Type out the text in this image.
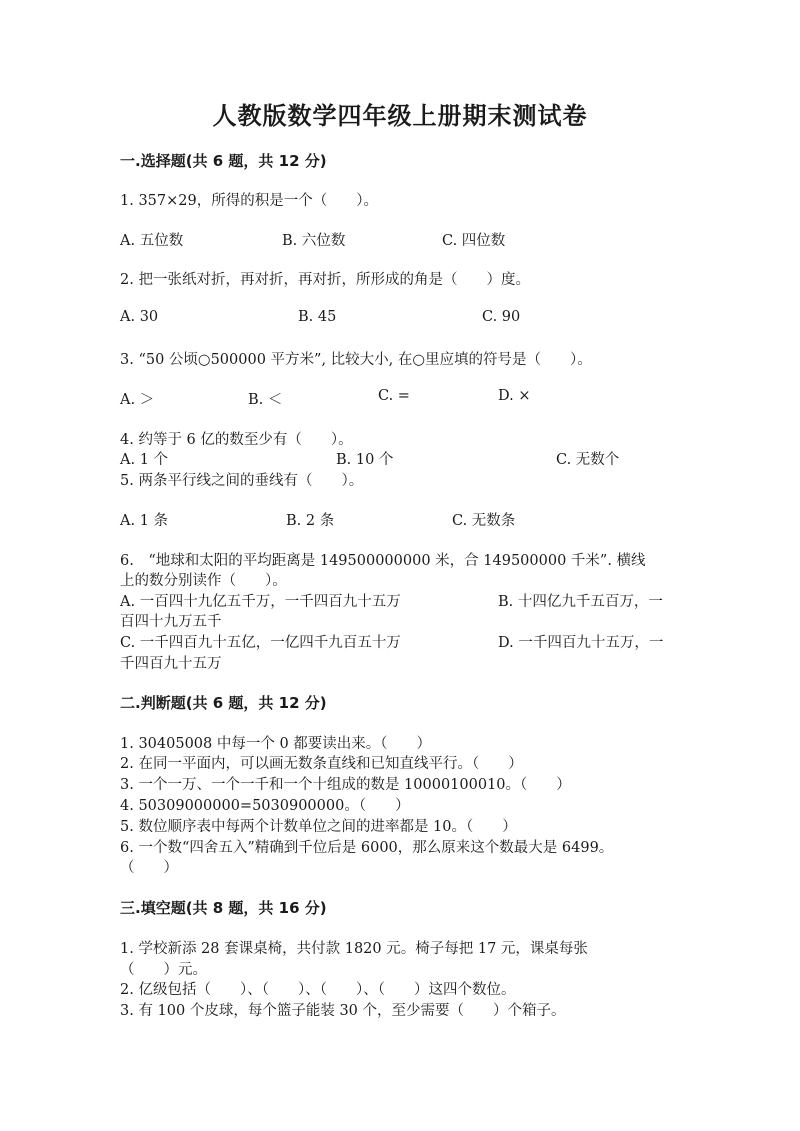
人教版数学四年级上册期末测试卷
一.选择题(共 6 题，共 12 分)
1. 357×29，所得的积是一个（　　）。
A. 五位数	B. 六位数	C. 四位数
2. 把一张纸对折，再对折，再对折，所形成的角是（　　）度。
A. 30	B. 45	C. 90
3. “50 公顷○500000 平方米”, 比较大小, 在○里应填的符号是（　　）。
A. ＞	B. ＜	C. =	D. ×
4. 约等于 6 亿的数至少有（　　）。
A. 1 个	B. 10 个	C. 无数个
5. 两条平行线之间的垂线有（　　）。
A. 1 条	B. 2 条	C. 无数条
6.　“地球和太阳的平均距离是 149500000000 米，合 149500000 千米”. 横线
上的数分别读作（　　）。
A. 一百四十九亿五千万，一千四百九十五万	B. 十四亿九千五百万，一
百四十九万五千
C. 一千四百九十五亿，一亿四千九百五十万	D. 一千四百九十五万，一
千四百九十五万
二.判断题(共 6 题，共 12 分)
1. 30405008 中每一个 0 都要读出来。（　　）
2. 在同一平面内，可以画无数条直线和已知直线平行。（　　）
3. 一个一万、一个一千和一个十组成的数是 10000100010。（　　）
4. 50309000000=5030900000。（　　）
5. 数位顺序表中每两个计数单位之间的进率都是 10。（　　）
6. 一个数“四舍五入”精确到千位后是 6000，那么原来这个数最大是 6499。
（　　）
三.填空题(共 8 题，共 16 分)
1. 学校新添 28 套课桌椅，共付款 1820 元。椅子每把 17 元，课桌每张
（　　）元。
2. 亿级包括（　　）、（　　）、（　　）、（　　）这四个数位。
3. 有 100 个皮球，每个篮子能装 30 个，至少需要（　　）个箱子。
